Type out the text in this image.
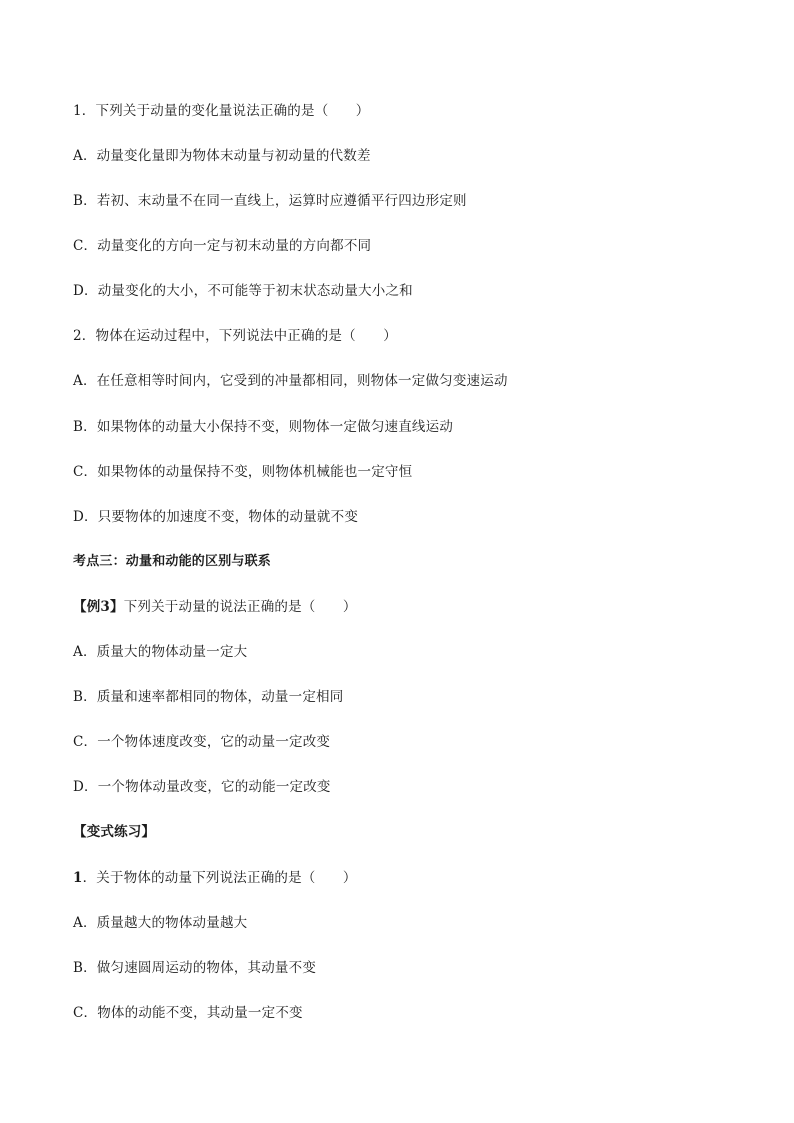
1．下列关于动量的变化量说法正确的是（　　）
A．动量变化量即为物体末动量与初动量的代数差
B．若初、末动量不在同一直线上，运算时应遵循平行四边形定则
C．动量变化的方向一定与初末动量的方向都不同
D．动量变化的大小，不可能等于初末状态动量大小之和
2．物体在运动过程中，下列说法中正确的是（　　）
A．在任意相等时间内，它受到的冲量都相同，则物体一定做匀变速运动
B．如果物体的动量大小保持不变，则物体一定做匀速直线运动
C．如果物体的动量保持不变，则物体机械能也一定守恒
D．只要物体的加速度不变，物体的动量就不变
考点三：动量和动能的区别与联系
【例3】下列关于动量的说法正确的是（　　）
A．质量大的物体动量一定大
B．质量和速率都相同的物体，动量一定相同
C．一个物体速度改变，它的动量一定改变
D．一个物体动量改变，它的动能一定改变
【变式练习】
1．关于物体的动量下列说法正确的是（　　）
A．质量越大的物体动量越大
B．做匀速圆周运动的物体，其动量不变
C．物体的动能不变，其动量一定不变
